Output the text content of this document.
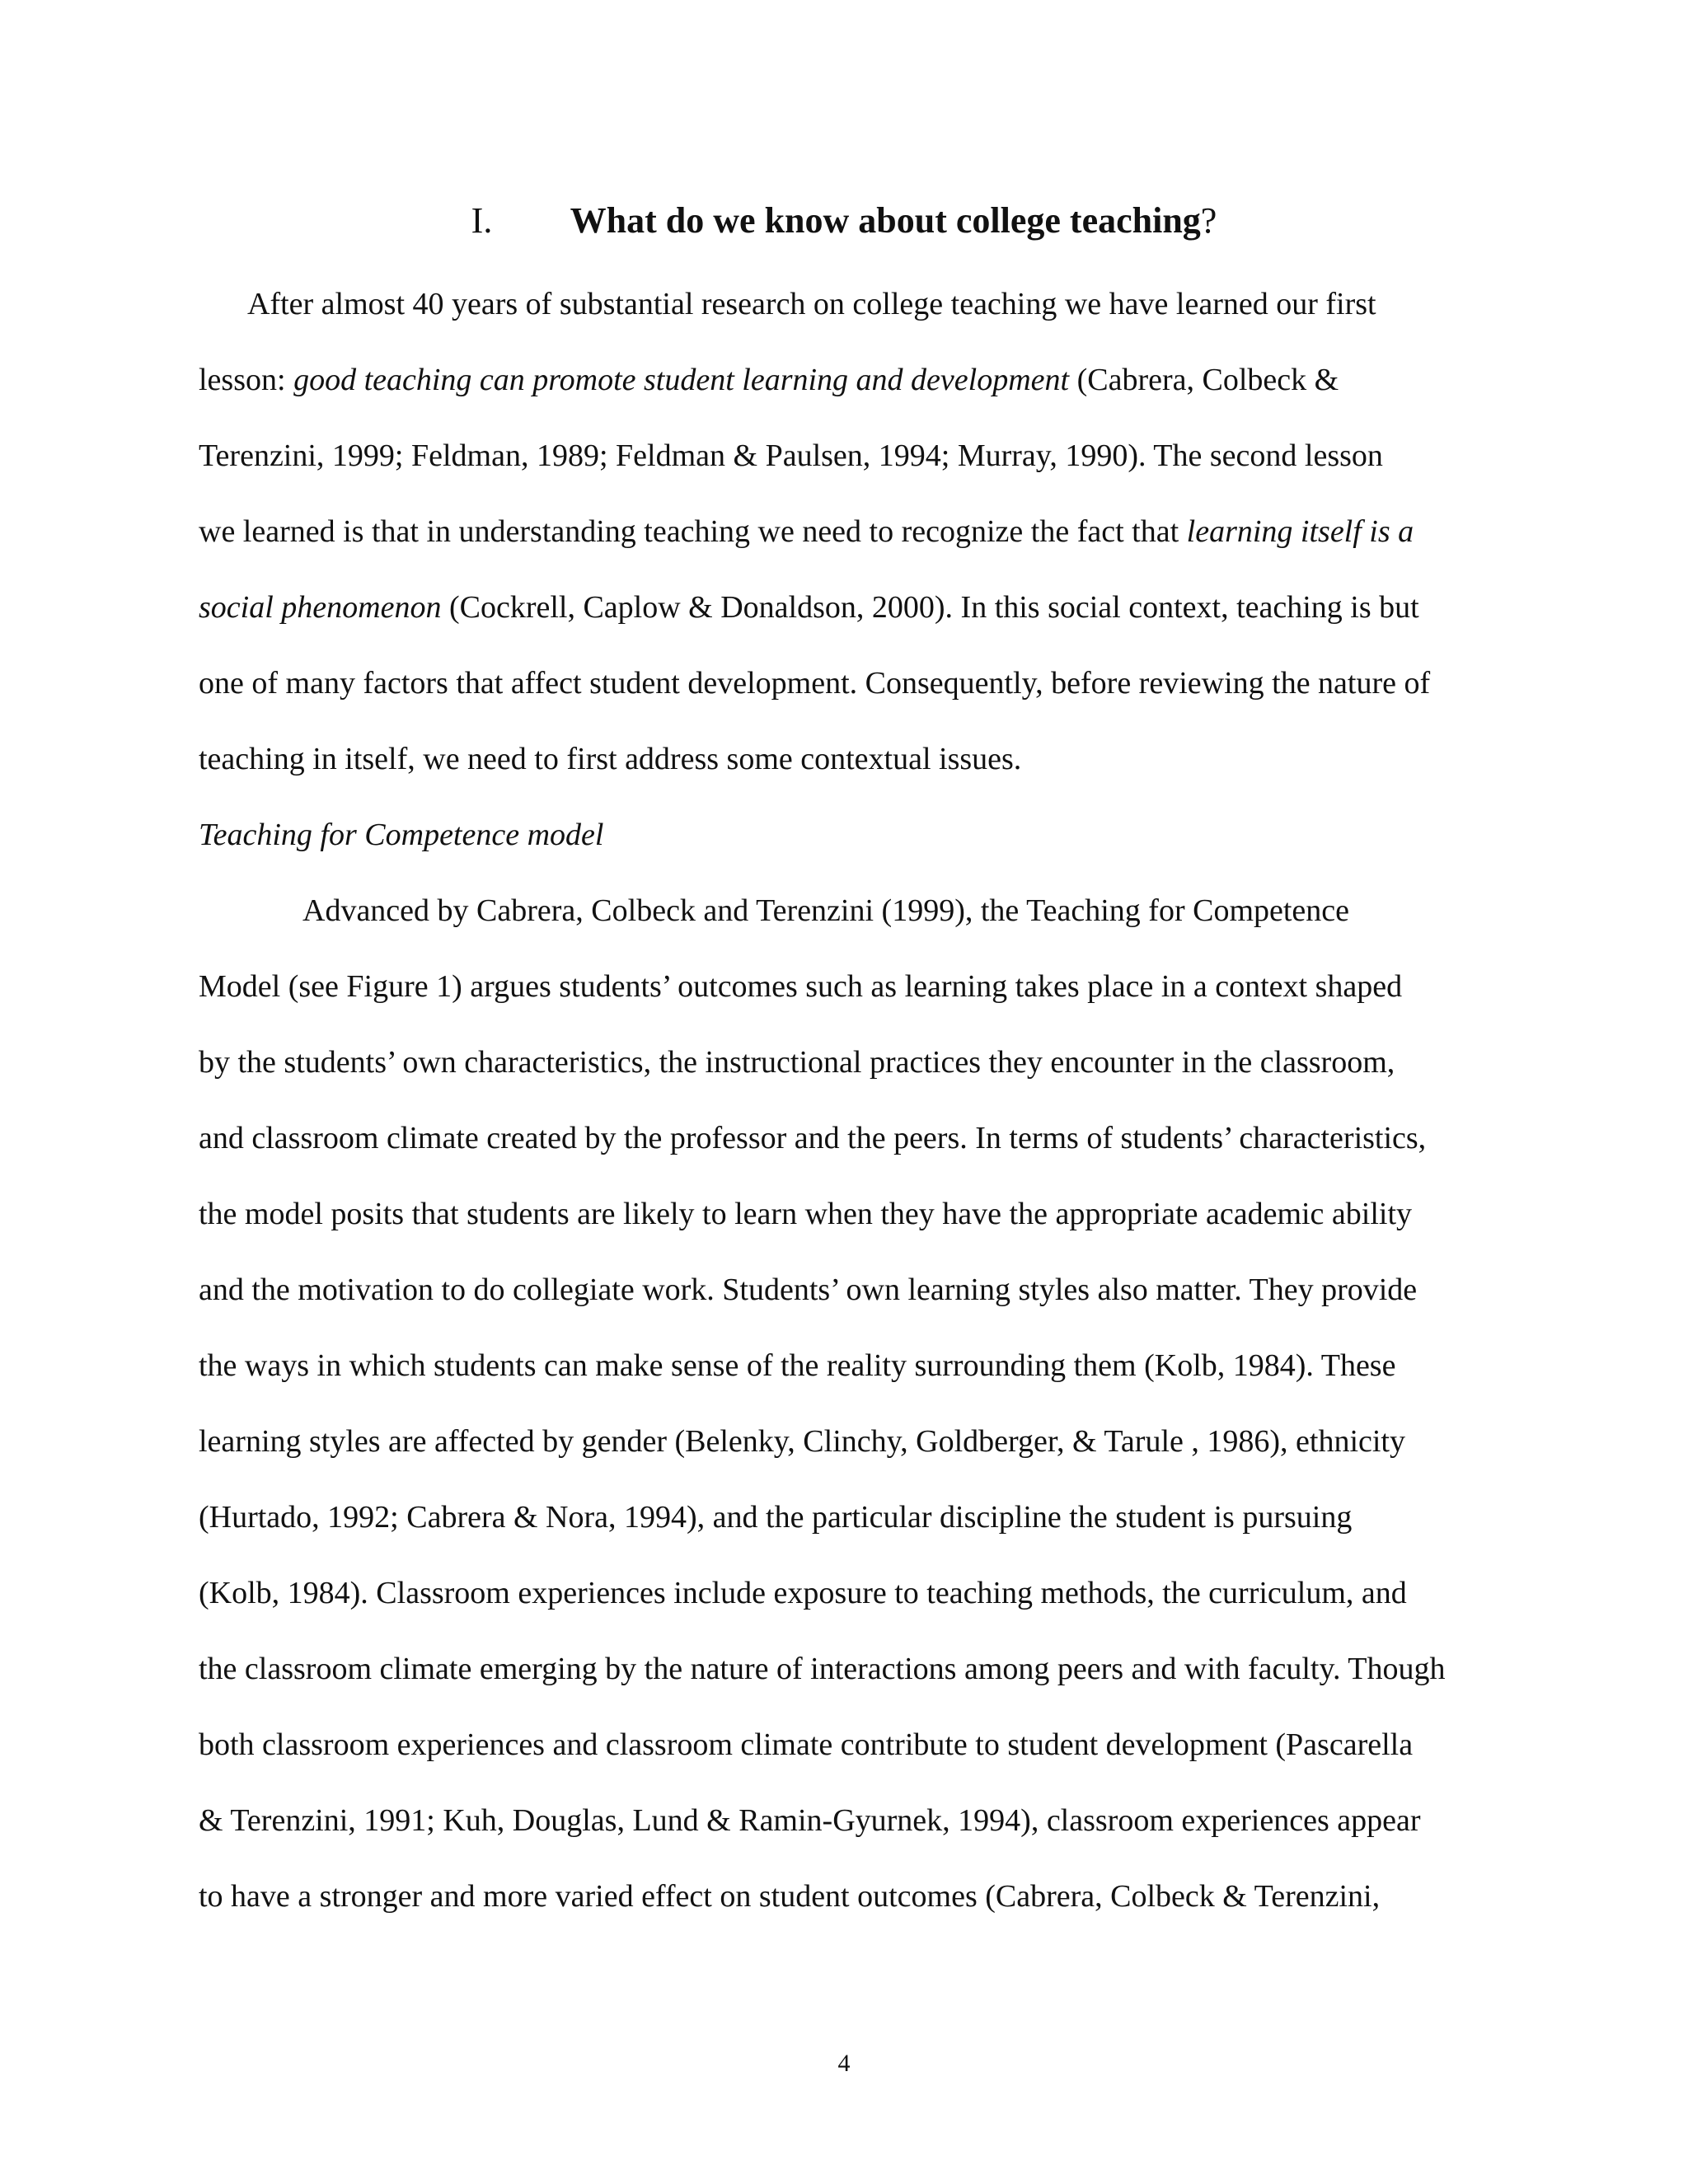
I. What do we know about college teaching?
After almost 40 years of substantial research on college teaching we have learned our first
lesson: good teaching can promote student learning and development (Cabrera, Colbeck &
Terenzini, 1999; Feldman, 1989; Feldman & Paulsen, 1994; Murray, 1990). The second lesson
we learned is that in understanding teaching we need to recognize the fact that learning itself is a
social phenomenon (Cockrell, Caplow & Donaldson, 2000). In this social context, teaching is but
one of many factors that affect student development. Consequently, before reviewing the nature of
teaching in itself, we need to first address some contextual issues.
Teaching for Competence model
Advanced by Cabrera, Colbeck and Terenzini (1999), the Teaching for Competence
Model (see Figure 1) argues students’ outcomes such as learning takes place in a context shaped
by the students’ own characteristics, the instructional practices they encounter in the classroom,
and classroom climate created by the professor and the peers. In terms of students’ characteristics,
the model posits that students are likely to learn when they have the appropriate academic ability
and the motivation to do collegiate work. Students’ own learning styles also matter. They provide
the ways in which students can make sense of the reality surrounding them (Kolb, 1984). These
learning styles are affected by gender (Belenky, Clinchy, Goldberger, & Tarule , 1986), ethnicity
(Hurtado, 1992; Cabrera & Nora, 1994), and the particular discipline the student is pursuing
(Kolb, 1984). Classroom experiences include exposure to teaching methods, the curriculum, and
the classroom climate emerging by the nature of interactions among peers and with faculty. Though
both classroom experiences and classroom climate contribute to student development (Pascarella
& Terenzini, 1991; Kuh, Douglas, Lund & Ramin-Gyurnek, 1994), classroom experiences appear
to have a stronger and more varied effect on student outcomes (Cabrera, Colbeck & Terenzini,
4
